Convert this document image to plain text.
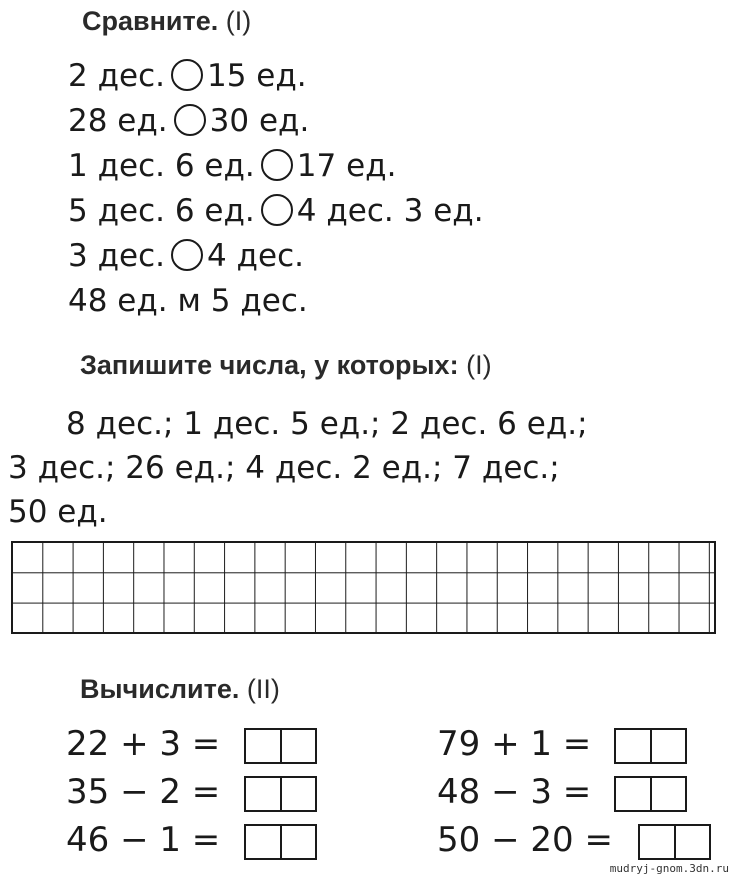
Сравните. (I)
2 дес. 15 ед.
28 ед. 30 ед.
1 дес. 6 ед. 17 ед.
5 дес. 6 ед. 4 дес. 3 ед.
3 дес. 4 дес.
48 ед. м 5 дес.
Запишите числа, у которых: (I)
8 дес.; 1 дес. 5 ед.; 2 дес. 6 ед.;
3 дес.; 26 ед.; 4 дес. 2 ед.; 7 дес.;
50 ед.
Вычислите. (II)
22 + 3 =
35 − 2 =
46 − 1 =
79 + 1 =
48 − 3 =
50 − 20 =
mudryj-gnom.3dn.ru
